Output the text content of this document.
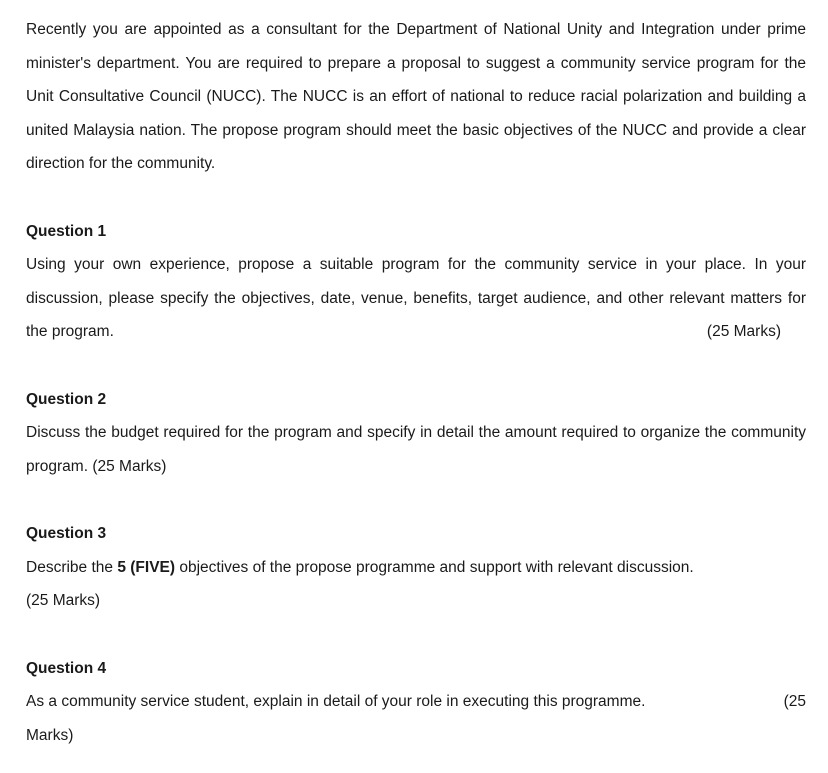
Recently you are appointed as a consultant for the Department of National Unity and Integration under prime minister's department. You are required to prepare a proposal to suggest a community service program for the Unit Consultative Council (NUCC). The NUCC is an effort of national to reduce racial polarization and building a united Malaysia nation. The propose program should meet the basic objectives of the NUCC and provide a clear direction for the community.

Question 1

Using your own experience, propose a suitable program for the community service in your place. In your discussion, please specify the objectives, date, venue, benefits, target audience, and other relevant matters for the program.	(25 Marks)

Question 2

Discuss the budget required for the program and specify in detail the amount required to organize the community program. (25 Marks)

Question 3

Describe the 5 (FIVE) objectives of the propose programme and support with relevant discussion.

(25 Marks)

Question 4

(25
As a community service student, explain in detail of your role in executing this programme.

Marks)
